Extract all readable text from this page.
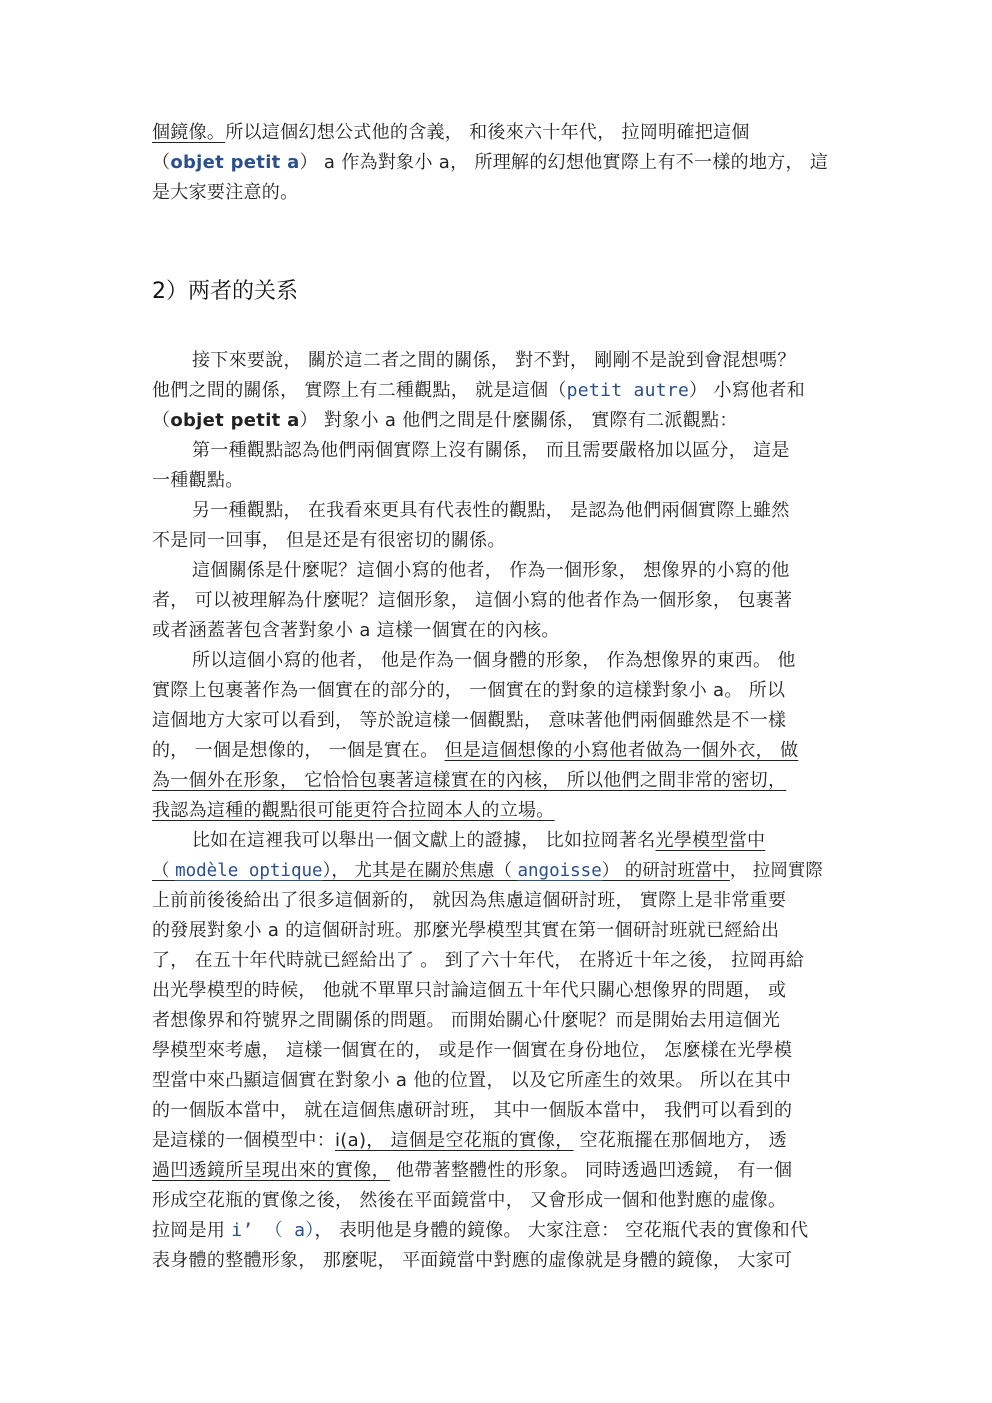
個鏡像。所以這個幻想公式他的含義， 和後來六十年代， 拉岡明確把這個
（objet petit a） a 作為對象小 a， 所理解的幻想他實際上有不一樣的地方， 這
是大家要注意的。
2）两者的关系
接下來要說， 關於這二者之間的關係， 對不對， 剛剛不是說到會混想嗎？
他們之間的關係， 實際上有二種觀點， 就是這個（petit autre） 小寫他者和
（objet petit a） 對象小 a 他們之間是什麼關係， 實際有二派觀點：
第一種觀點認為他們兩個實際上沒有關係， 而且需要嚴格加以區分， 這是
一種觀點。
另一種觀點， 在我看來更具有代表性的觀點， 是認為他們兩個實際上雖然
不是同一回事， 但是还是有很密切的關係。
這個關係是什麼呢？這個小寫的他者， 作為一個形象， 想像界的小寫的他
者， 可以被理解為什麼呢？這個形象， 這個小寫的他者作為一個形象， 包裹著
或者涵蓋著包含著對象小 a 這樣一個實在的內核。
所以這個小寫的他者， 他是作為一個身體的形象， 作為想像界的東西。 他
實際上包裹著作為一個實在的部分的， 一個實在的對象的這樣對象小 a。 所以
這個地方大家可以看到， 等於說這樣一個觀點， 意味著他們兩個雖然是不一樣
的， 一個是想像的， 一個是實在。 但是這個想像的小寫他者做為一個外衣， 做
為一個外在形象， 它恰恰包裹著這樣實在的內核， 所以他們之間非常的密切，
我認為這種的觀點很可能更符合拉岡本人的立場。
比如在這裡我可以舉出一個文獻上的證據， 比如拉岡著名光學模型當中
（ modèle optique）， 尤其是在關於焦慮（ angoisse） 的研討班當中， 拉岡實際
上前前後後給出了很多這個新的， 就因為焦慮這個研討班， 實際上是非常重要
的發展對象小 a 的這個研討班。那麼光學模型其實在第一個研討班就已經給出
了， 在五十年代時就已經給出了 。 到了六十年代， 在將近十年之後， 拉岡再給
出光學模型的時候， 他就不單單只討論這個五十年代只關心想像界的問題， 或
者想像界和符號界之間關係的問題。 而開始關心什麼呢？而是開始去用這個光
學模型來考慮， 這樣一個實在的， 或是作一個實在身份地位， 怎麼樣在光學模
型當中來凸顯這個實在對象小 a 他的位置， 以及它所產生的效果。 所以在其中
的一個版本當中， 就在這個焦慮研討班， 其中一個版本當中， 我們可以看到的
是這樣的一個模型中：i(a)， 這個是空花瓶的實像， 空花瓶擺在那個地方， 透
過凹透鏡所呈現出來的實像， 他帶著整體性的形象。 同時透過凹透鏡， 有一個
形成空花瓶的實像之後， 然後在平面鏡當中， 又會形成一個和他對應的虛像。
拉岡是用 i’ （ a）， 表明他是身體的鏡像。 大家注意： 空花瓶代表的實像和代
表身體的整體形象， 那麼呢， 平面鏡當中對應的虛像就是身體的鏡像， 大家可
